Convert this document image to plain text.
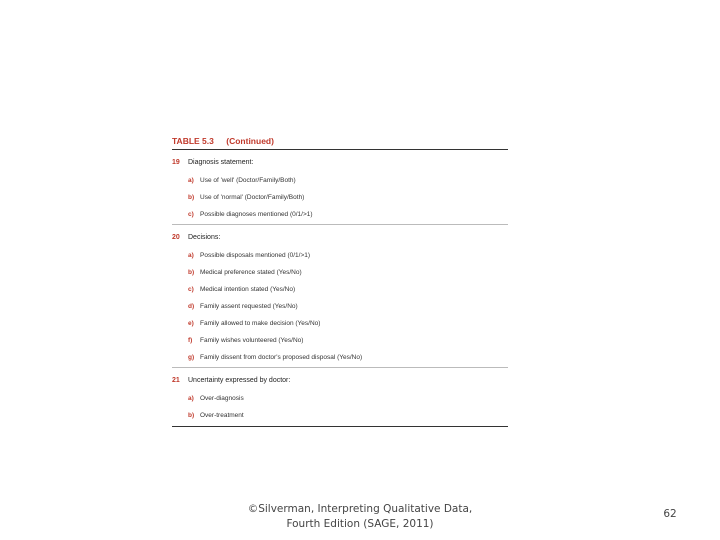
TABLE 5.3 (Continued)
19	Diagnosis statement:
a) Use of 'well' (Doctor/Family/Both)
b) Use of 'normal' (Doctor/Family/Both)
c) Possible diagnoses mentioned (0/1/>1)
20	Decisions:
a) Possible disposals mentioned (0/1/>1)
b) Medical preference stated (Yes/No)
c) Medical intention stated (Yes/No)
d) Family assent requested (Yes/No)
e) Family allowed to make decision (Yes/No)
f)	Family wishes volunteered (Yes/No)
g) Family dissent from doctor's proposed disposal (Yes/No)
21	Uncertainty expressed by doctor:
a) Over-diagnosis
b) Over-treatment
©Silverman, Interpreting Qualitative Data,
Fourth Edition (SAGE, 2011)
62
